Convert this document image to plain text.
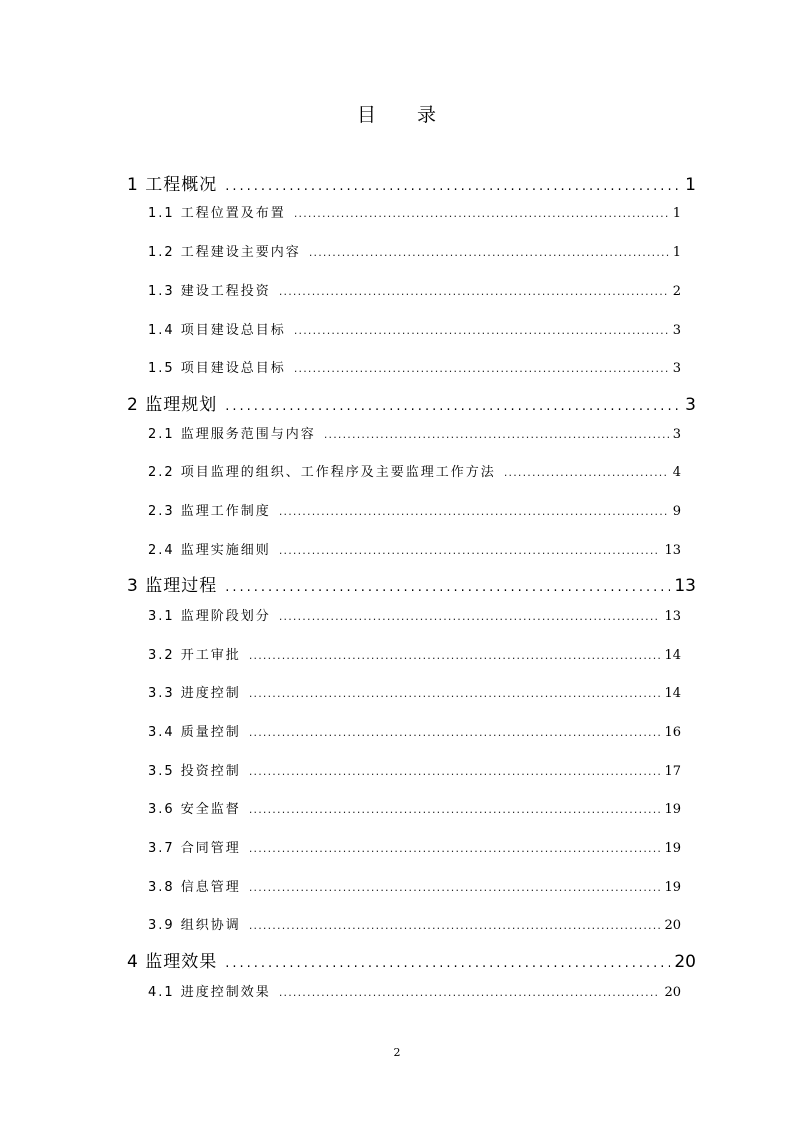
目 录
1 工程概况 .....	1
1.1 工程位置及布置 .....	1
1.2 工程建设主要内容 .....	1
1.3 建设工程投资 .....	2
1.4 项目建设总目标 .....	3
1.5 项目建设总目标 .....	3
2 监理规划 .....	3
2.1 监理服务范围与内容 .....	3
2.2 项目监理的组织、工作程序及主要监理工作方法 .....	4
2.3 监理工作制度 .....	9
2.4 监理实施细则 .....	13
3 监理过程 .....	13
3.1 监理阶段划分 .....	13
3.2 开工审批 .....	14
3.3 进度控制 .....	14
3.4 质量控制 .....	16
3.5 投资控制 .....	17
3.6 安全监督 .....	19
3.7 合同管理 .....	19
3.8 信息管理 .....	19
3.9 组织协调 .....	20
4 监理效果 .....	20
4.1 进度控制效果 .....	20
2
